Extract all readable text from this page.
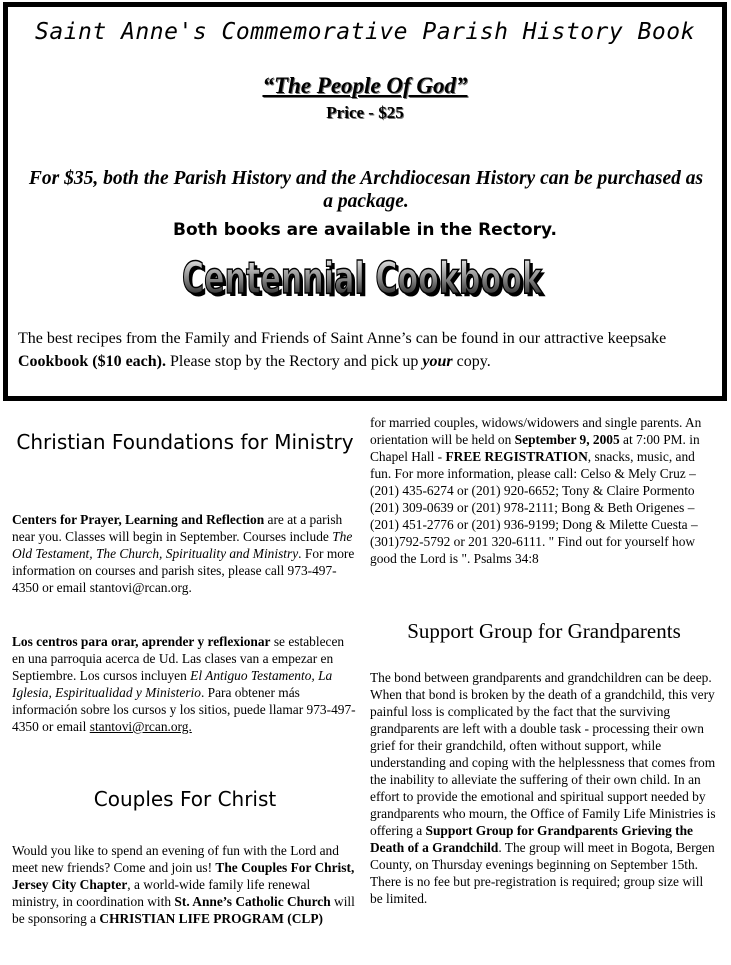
Saint Anne's Commemorative Parish History Book
“The People Of God”
Price - $25
For $35, both the Parish History and the Archdiocesan History can be purchased as a package.
Both books are available in the Rectory.
Centennial Cookbook
Centennial Cookbook
The best recipes from the Family and Friends of Saint Anne’s can be found in our attractive keepsake Cookbook ($10 each). Please stop by the Rectory and pick up your copy.
Christian Foundations for Ministry

Centers for Prayer, Learning and Reflection are at a parish near you. Classes will begin in September. Courses include The Old Testament, The Church, Spirituality and Ministry. For more information on courses and parish sites, please call 973-497-4350 or email stantovi@rcan.org.

Los centros para orar, aprender y reflexionar se establecen en una parroquia acerca de Ud. Las clases van a empezar en Septiembre. Los cursos incluyen El Antiguo Testamento, La Iglesia, Espiritualidad y Ministerio. Para obtener más información sobre los cursos y los sitios, puede llamar 973-497-4350 or email stantovi@rcan.org.

Couples For Christ

Would you like to spend an evening of fun with the Lord and meet new friends? Come and join us! The Couples For Christ, Jersey City Chapter, a world-wide family life renewal ministry, in coordination with St. Anne’s Catholic Church will be sponsoring a CHRISTIAN LIFE PROGRAM (CLP)

for married couples, widows/widowers and single parents. An orientation will be held on September 9, 2005 at 7:00 PM. in Chapel Hall - FREE REGISTRATION, snacks, music, and fun. For more information, please call: Celso & Mely Cruz – (201) 435-6274 or (201) 920-6652; Tony & Claire Pormento (201) 309-0639 or (201) 978-2111; Bong & Beth Origenes – (201) 451-2776 or (201) 936-9199; Dong & Milette Cuesta – (301)792-5792 or 201 320-6111. " Find out for yourself how good the Lord is ". Psalms 34:8

Support Group for Grandparents

The bond between grandparents and grandchildren can be deep. When that bond is broken by the death of a grandchild, this very painful loss is complicated by the fact that the surviving grandparents are left with a double task - processing their own grief for their grandchild, often without support, while understanding and coping with the helplessness that comes from the inability to alleviate the suffering of their own child. In an effort to provide the emotional and spiritual support needed by grandparents who mourn, the Office of Family Life Ministries is offering a Support Group for Grandparents Grieving the Death of a Grandchild. The group will meet in Bogota, Bergen County, on Thursday evenings beginning on September 15th. There is no fee but pre-registration is required; group size will be limited.
